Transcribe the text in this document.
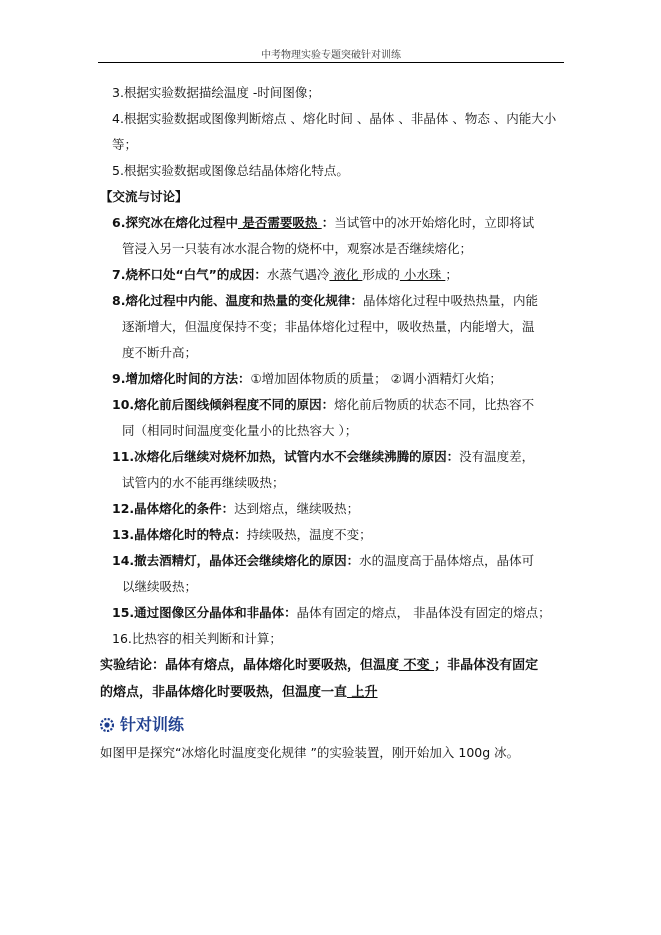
中考物理实验专题突破针对训练
3.根据实验数据描绘温度 -时间图像；
4.根据实验数据或图像判断熔点 、熔化时间 、晶体 、非晶体 、物态 、内能大小
等；
5.根据实验数据或图像总结晶体熔化特点。
【交流与讨论】
6.探究冰在熔化过程中 是否需要吸热 ：当试管中的冰开始熔化时，立即将试
管浸入另一只装有冰水混合物的烧杯中，观察冰是否继续熔化；
7.烧杯口处“白气”的成因：水蒸气遇冷 液化 形成的 小水珠 ；
8.熔化过程中内能、温度和热量的变化规律：晶体熔化过程中吸热热量，内能
逐渐增大，但温度保持不变；非晶体熔化过程中，吸收热量，内能增大，温
度不断升高；
9.增加熔化时间的方法：①增加固体物质的质量； ②调小酒精灯火焰；
10.熔化前后图线倾斜程度不同的原因：熔化前后物质的状态不同，比热容不
同（相同时间温度变化量小的比热容大 ）；
11.冰熔化后继续对烧杯加热，试管内水不会继续沸腾的原因：没有温度差，
试管内的水不能再继续吸热；
12.晶体熔化的条件：达到熔点，继续吸热；
13.晶体熔化时的特点：持续吸热，温度不变；
14.撤去酒精灯，晶体还会继续熔化的原因：水的温度高于晶体熔点，晶体可
以继续吸热；
15.通过图像区分晶体和非晶体：晶体有固定的熔点， 非晶体没有固定的熔点；
16.比热容的相关判断和计算；
实验结论：晶体有熔点，晶体熔化时要吸热，但温度 不变 ；非晶体没有固定
的熔点，非晶体熔化时要吸热，但温度一直 上升
针对训练
如图甲是探究“冰熔化时温度变化规律 ”的实验装置，刚开始加入 100g 冰。
